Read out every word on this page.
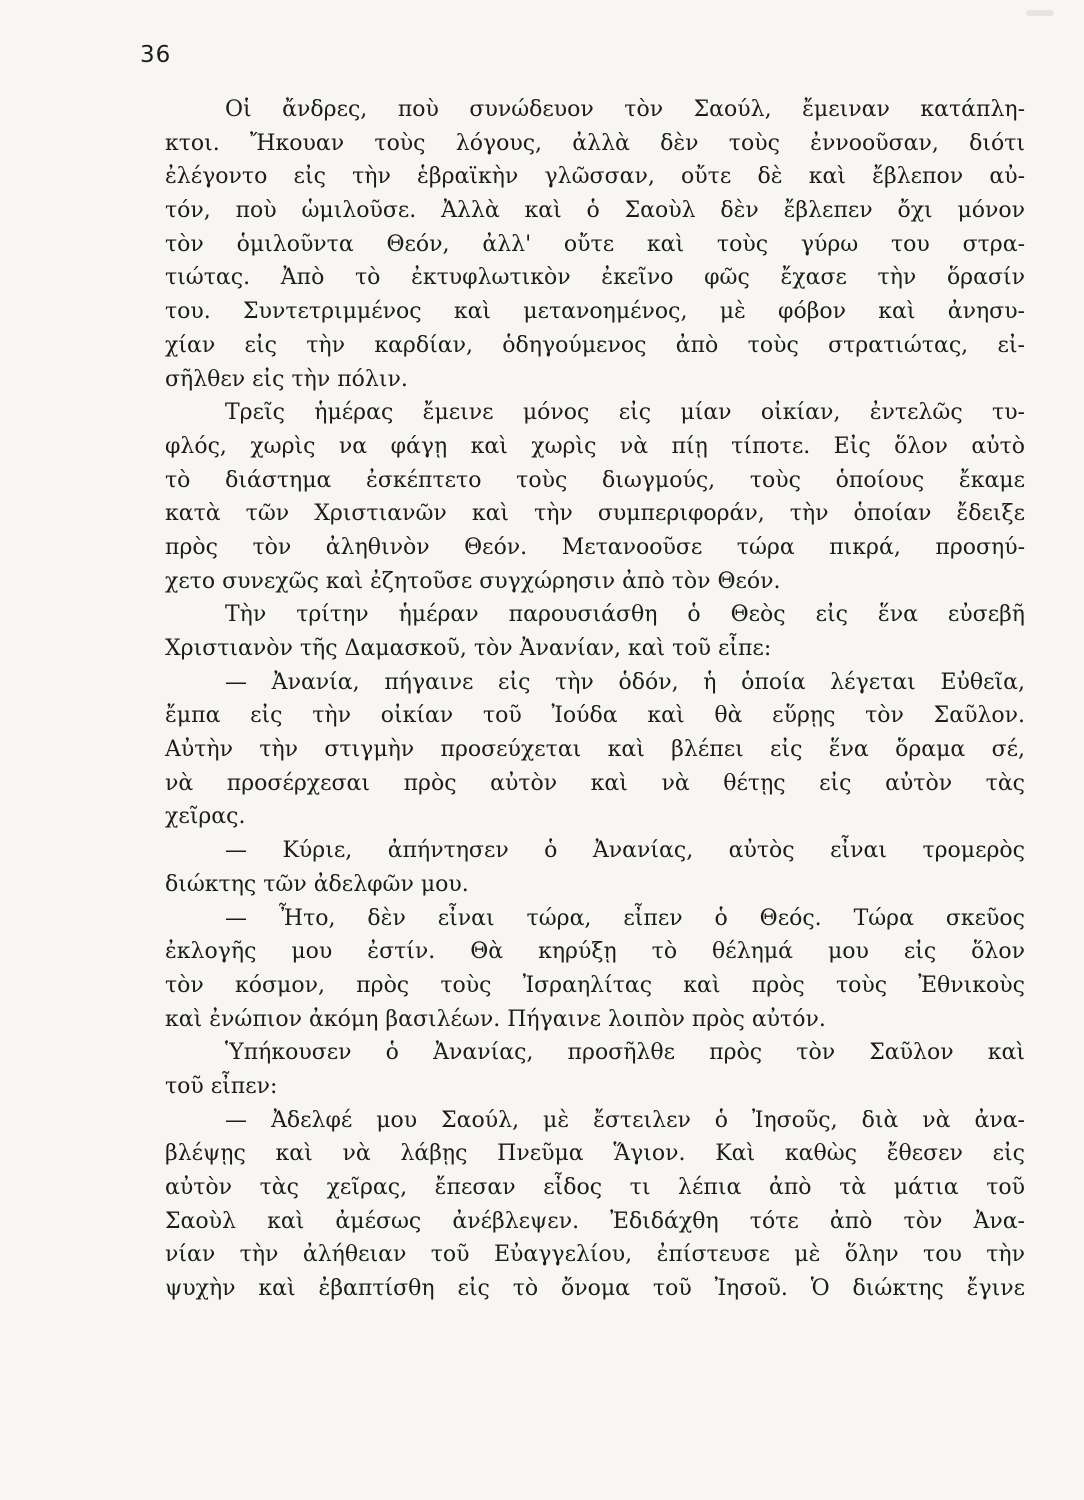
36
Οἱ ἄνδρες, ποὺ συνώδευον τὸν Σαούλ, ἔμειναν κατάπλη-
κτοι. Ἤκουαν τοὺς λόγους, ἀλλὰ δὲν τοὺς ἐννοοῦσαν, διότι
ἐλέγοντο εἰς τὴν ἑβραϊκὴν γλῶσσαν, οὔτε δὲ καὶ ἔβλεπον αὐ-
τόν, ποὺ ὡμιλοῦσε. Ἀλλὰ καὶ ὁ Σαοὺλ δὲν ἔβλεπεν ὄχι μόνον
τὸν ὁμιλοῦντα Θεόν, ἀλλ' οὔτε καὶ τοὺς γύρω του στρα-
τιώτας. Ἀπὸ τὸ ἐκτυφλωτικὸν ἐκεῖνο φῶς ἔχασε τὴν ὅρασίν
του. Συντετριμμένος καὶ μετανοημένος, μὲ φόβον καὶ ἀνησυ-
χίαν εἰς τὴν καρδίαν, ὁδηγούμενος ἀπὸ τοὺς στρατιώτας, εἰ-
σῆλθεν εἰς τὴν πόλιν.
Τρεῖς ἡμέρας ἔμεινε μόνος εἰς μίαν οἰκίαν, ἐντελῶς τυ-
φλός, χωρὶς να φάγῃ καὶ χωρὶς νὰ πίῃ τίποτε. Εἰς ὅλον αὐτὸ
τὸ διάστημα ἐσκέπτετο τοὺς διωγμούς, τοὺς ὁποίους ἔκαμε
κατὰ τῶν Χριστιανῶν καὶ τὴν συμπεριφοράν, τὴν ὁποίαν ἔδειξε
πρὸς τὸν ἀληθινὸν Θεόν. Μετανοοῦσε τώρα πικρά, προσηύ-
χετο συνεχῶς καὶ ἐζητοῦσε συγχώρησιν ἀπὸ τὸν Θεόν.
Τὴν τρίτην ἡμέραν παρουσιάσθη ὁ Θεὸς εἰς ἕνα εὐσεβῆ
Χριστιανὸν τῆς Δαμασκοῦ, τὸν Ἀνανίαν, καὶ τοῦ εἶπε:
— Ἀνανία, πήγαινε εἰς τὴν ὁδόν, ἡ ὁποία λέγεται Εὐθεῖα,
ἔμπα εἰς τὴν οἰκίαν τοῦ Ἰούδα καὶ θὰ εὕρῃς τὸν Σαῦλον.
Αὐτὴν τὴν στιγμὴν προσεύχεται καὶ βλέπει εἰς ἕνα ὅραμα σέ,
νὰ προσέρχεσαι πρὸς αὐτὸν καὶ νὰ θέτῃς εἰς αὐτὸν τὰς
χεῖρας.
— Κύριε, ἀπήντησεν ὁ Ἀνανίας, αὐτὸς εἶναι τρομερὸς
διώκτης τῶν ἀδελφῶν μου.
— Ἦτο, δὲν εἶναι τώρα, εἶπεν ὁ Θεός. Τώρα σκεῦος
ἐκλογῆς μου ἐστίν. Θὰ κηρύξῃ τὸ θέλημά μου εἰς ὅλον
τὸν κόσμον, πρὸς τοὺς Ἰσραηλίτας καὶ πρὸς τοὺς Ἐθνικοὺς
καὶ ἐνώπιον ἀκόμη βασιλέων. Πήγαινε λοιπὸν πρὸς αὐτόν.
Ὑπήκουσεν ὁ Ἀνανίας, προσῆλθε πρὸς τὸν Σαῦλον καὶ
τοῦ εἶπεν:
— Ἀδελφέ μου Σαούλ, μὲ ἔστειλεν ὁ Ἰησοῦς, διὰ νὰ ἀνα-
βλέψῃς καὶ νὰ λάβῃς Πνεῦμα Ἅγιον. Καὶ καθὼς ἔθεσεν εἰς
αὐτὸν τὰς χεῖρας, ἔπεσαν εἶδος τι λέπια ἀπὸ τὰ μάτια τοῦ
Σαοὺλ καὶ ἀμέσως ἀνέβλεψεν. Ἐδιδάχθη τότε ἀπὸ τὸν Ἀνα-
νίαν τὴν ἀλήθειαν τοῦ Εὐαγγελίου, ἐπίστευσε μὲ ὅλην του τὴν
ψυχὴν καὶ ἐβαπτίσθη εἰς τὸ ὄνομα τοῦ Ἰησοῦ. Ὁ διώκτης ἔγινε
